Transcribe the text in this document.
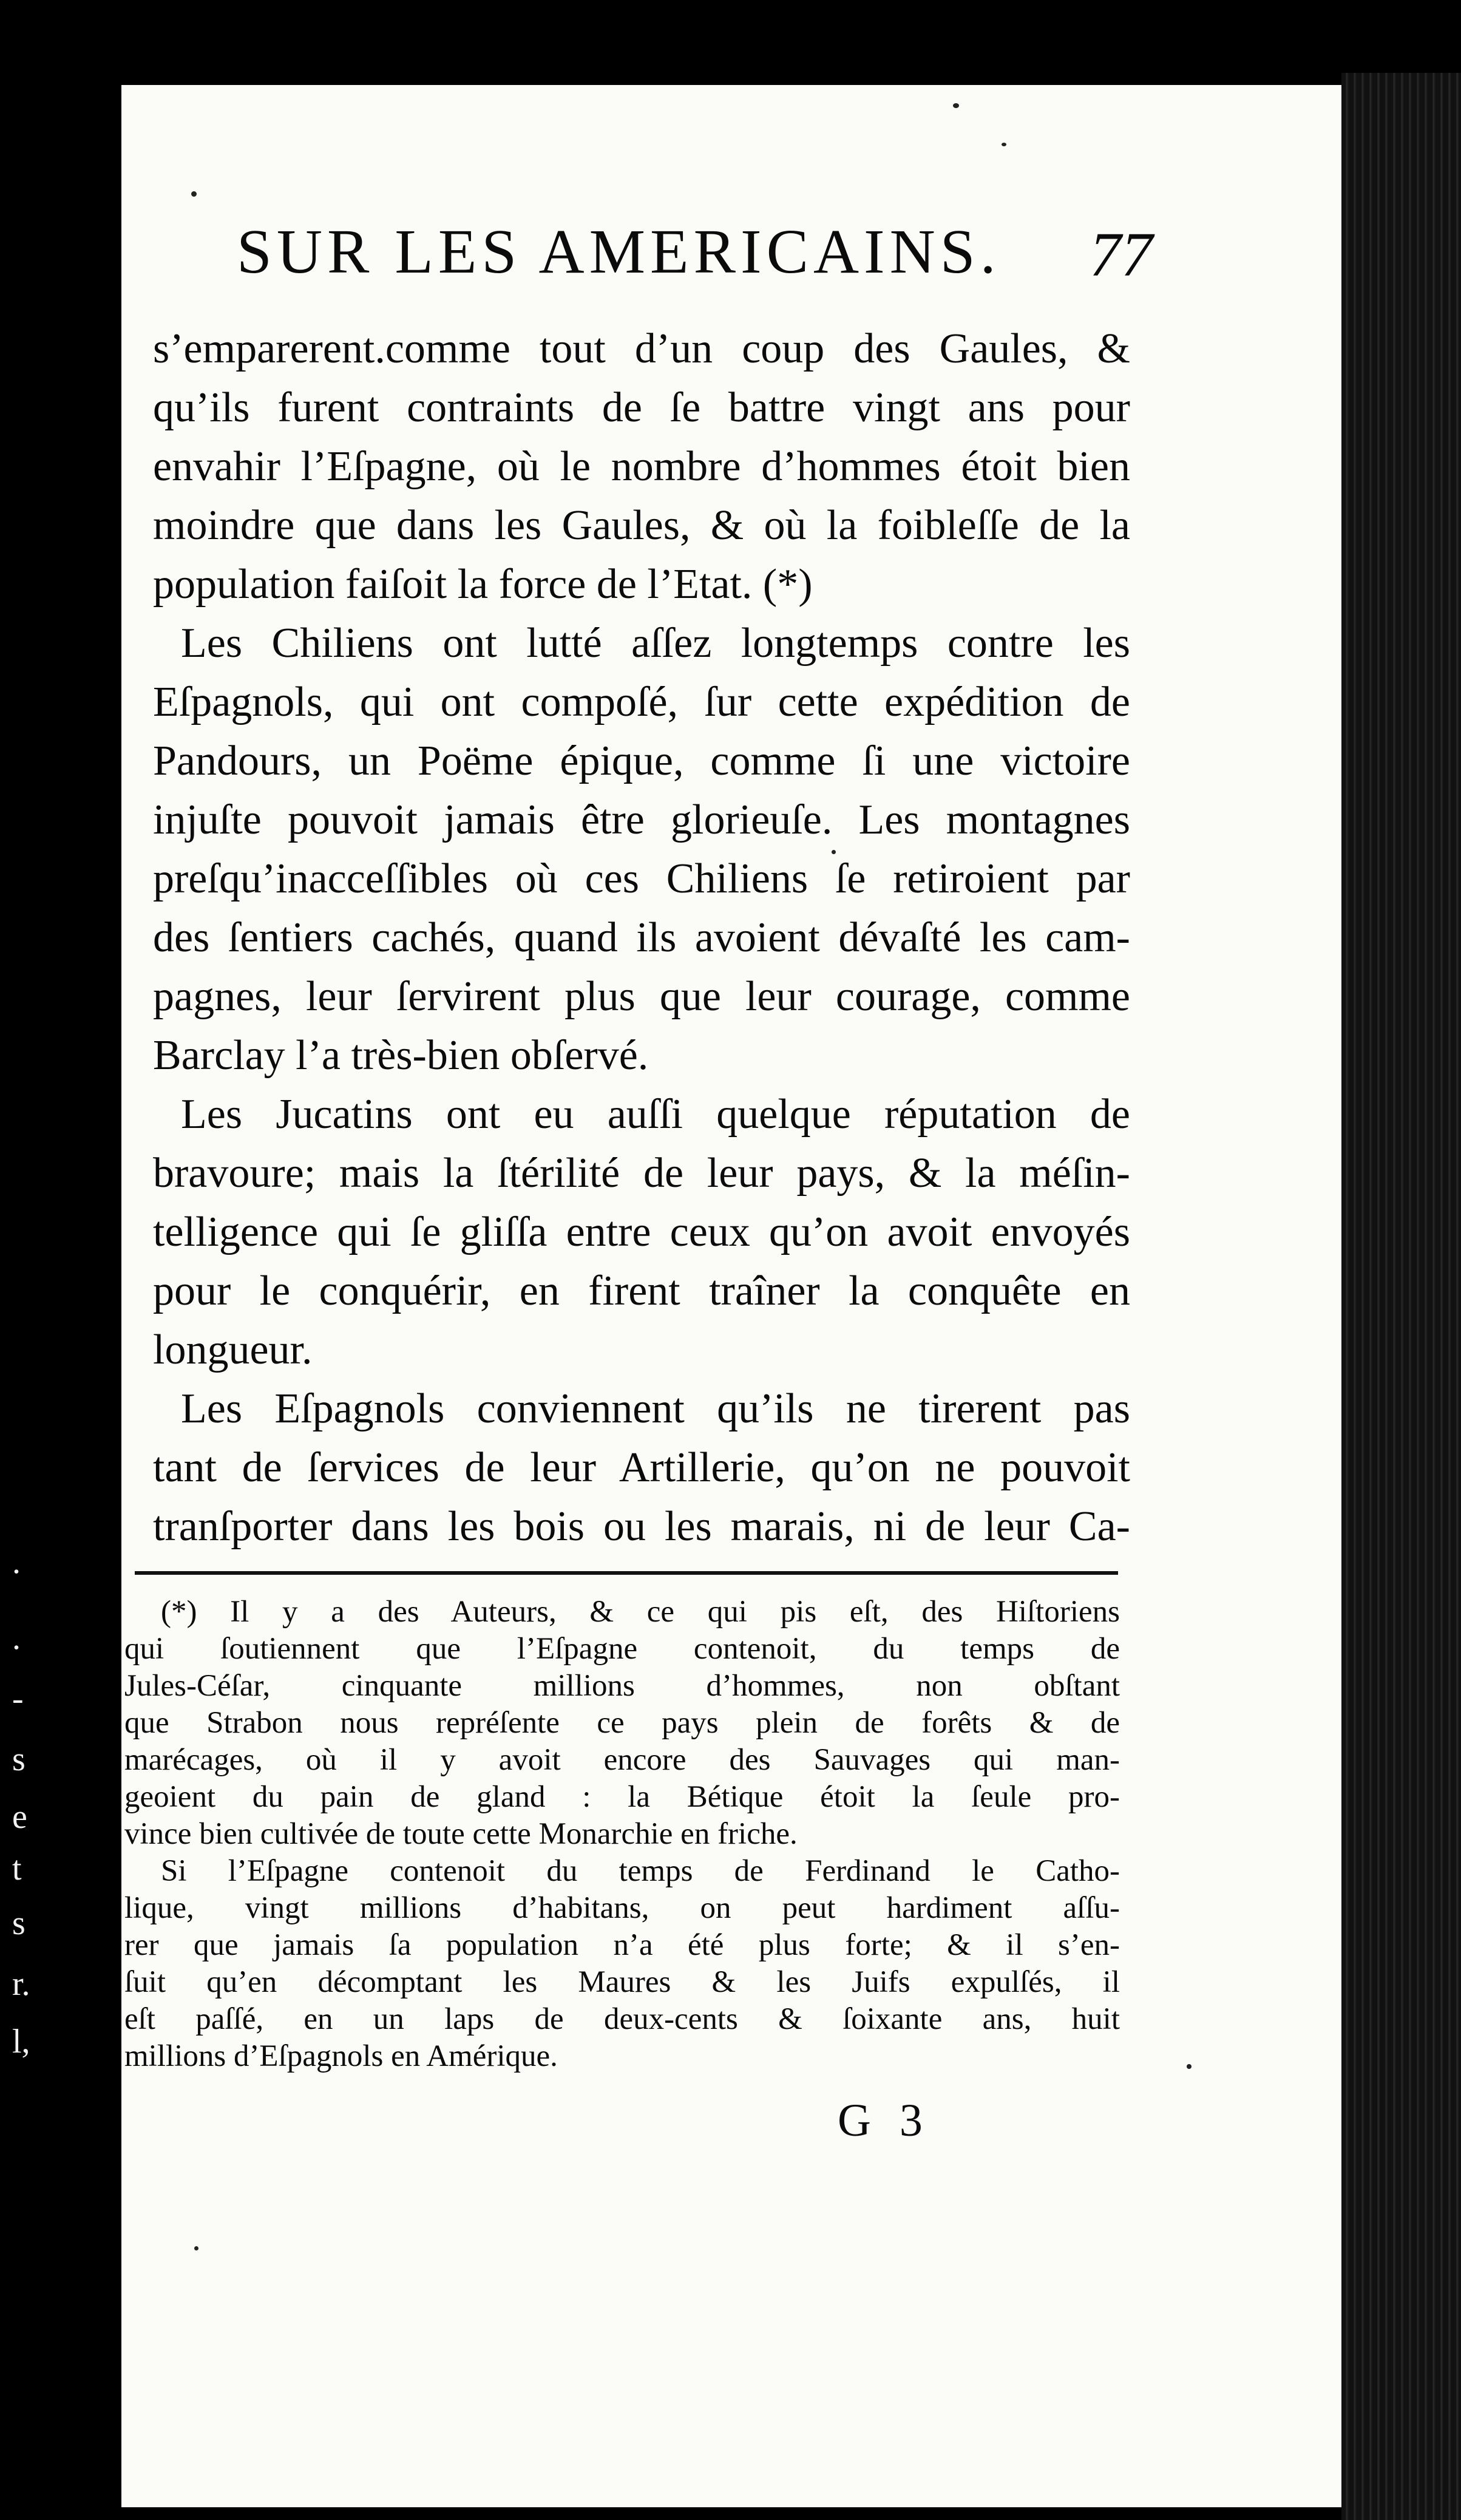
.
.
-
s
e
t
s
r.
l,
SUR LES AMERICAINS. 77
s’emparerent.comme tout d’un coup des Gaules, &
qu’ils furent contraints de ſe battre vingt ans pour
envahir l’Eſpagne, où le nombre d’hommes étoit bien
moindre que dans les Gaules, & où la foibleſſe de la
population faiſoit la force de l’Etat. (*)
Les Chiliens ont lutté aſſez longtemps contre les
Eſpagnols, qui ont compoſé, ſur cette expédition de
Pandours, un Poëme épique, comme ſi une victoire
injuſte pouvoit jamais être glorieuſe. Les montagnes
preſqu’inacceſſibles où ces Chiliens ſe retiroient par
des ſentiers cachés, quand ils avoient dévaſté les cam-
pagnes, leur ſervirent plus que leur courage, comme
Barclay l’a très-bien obſervé.
Les Jucatins ont eu auſſi quelque réputation de
bravoure; mais la ſtérilité de leur pays, & la méſin-
telligence qui ſe gliſſa entre ceux qu’on avoit envoyés
pour le conquérir, en firent traîner la conquête en
longueur.
Les Eſpagnols conviennent qu’ils ne tirerent pas
tant de ſervices de leur Artillerie, qu’on ne pouvoit
tranſporter dans les bois ou les marais, ni de leur Ca-
(*) Il y a des Auteurs, & ce qui pis eſt, des Hiſtoriens
qui ſoutiennent que l’Eſpagne contenoit, du temps de
Jules-Céſar, cinquante millions d’hommes, non obſtant
que Strabon nous repréſente ce pays plein de forêts & de
marécages, où il y avoit encore des Sauvages qui man-
geoient du pain de gland : la Bétique étoit la ſeule pro-
vince bien cultivée de toute cette Monarchie en friche.
Si l’Eſpagne contenoit du temps de Ferdinand le Catho-
lique, vingt millions d’habitans, on peut hardiment aſſu-
rer que jamais ſa population n’a été plus forte; & il s’en-
ſuit qu’en décomptant les Maures & les Juifs expulſés, il
eſt paſſé, en un laps de deux-cents & ſoixante ans, huit
millions d’Eſpagnols en Amérique.
G 3
